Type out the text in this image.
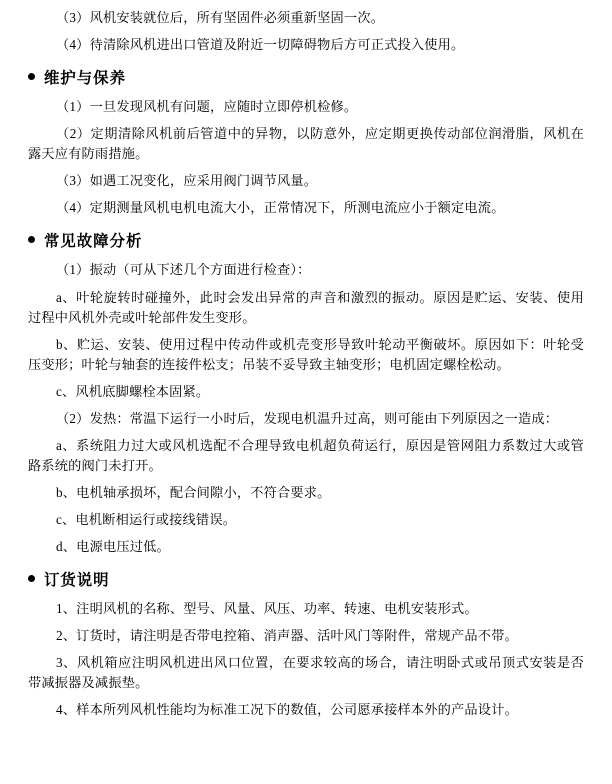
（3）风机安装就位后，所有坚固件必须重新坚固一次。

（4）待清除风机进出口管道及附近一切障碍物后方可正式投入使用。

维护与保养

（1）一旦发现风机有问题，应随时立即停机检修。

（2）定期清除风机前后管道中的异物，以防意外，应定期更换传动部位润滑脂，风机在露天应有防雨措施。

（3）如遇工况变化，应采用阀门调节风量。

（4）定期测量风机电机电流大小，正常情况下，所测电流应小于额定电流。

常见故障分析

（1）振动（可从下述几个方面进行检查）：

a、叶轮旋转时碰撞外，此时会发出异常的声音和激烈的振动。原因是贮运、安装、使用过程中风机外壳或叶轮部件发生变形。

b、贮运、安装、使用过程中传动件或机壳变形导致叶轮动平衡破坏。原因如下：叶轮受压变形；叶轮与轴套的连接件松支；吊装不妥导致主轴变形；电机固定螺栓松动。

c、风机底脚螺栓本固紧。

（2）发热：常温下运行一小时后，发现电机温升过高，则可能由下列原因之一造成：

a、系统阻力过大或风机选配不合理导致电机超负荷运行，原因是管网阻力系数过大或管路系统的阀门未打开。

b、电机轴承损坏，配合间隙小，不符合要求。

c、电机断相运行或接线错误。

d、电源电压过低。

订货说明

1、注明风机的名称、型号、风量、风压、功率、转速、电机安装形式。

2、订货时，请注明是否带电控箱、消声器、活叶风门等附件，常规产品不带。

3、风机箱应注明风机进出风口位置，在要求较高的场合，请注明卧式或吊顶式安装是否带减振器及减振垫。

4、样本所列风机性能均为标准工况下的数值，公司愿承接样本外的产品设计。
